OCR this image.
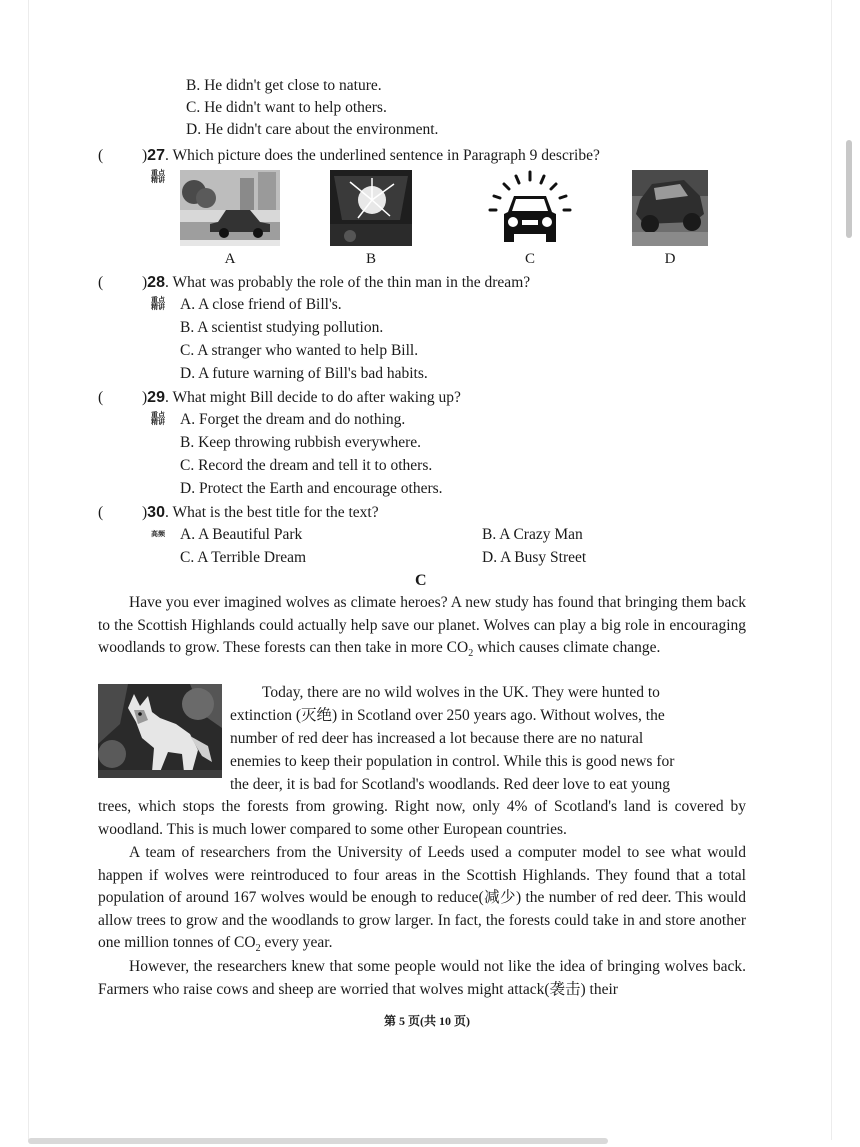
B. He didn't get close to nature.
C. He didn't want to help others.
D. He didn't care about the environment.
(	)27. Which picture does the underlined sentence in Paragraph 9 describe?
重点精讲
A	B	C	D
(	)28. What was probably the role of the thin man in the dream?
重点精讲 A. A close friend of Bill's.
B. A scientist studying pollution.
C. A stranger who wanted to help Bill.
D. A future warning of Bill's bad habits.
(	)29. What might Bill decide to do after waking up?
重点精讲 A. Forget the dream and do nothing.
B. Keep throwing rubbish everywhere.
C. Record the dream and tell it to others.
D. Protect the Earth and encourage others.
(	)30. What is the best title for the text?
高频 A. A Beautiful Park	B. A Crazy Man
C. A Terrible Dream	D. A Busy Street
C
Have you ever imagined wolves as climate heroes? A new study has found that bringing them back to the Scottish Highlands could actually help save our planet. Wolves can play a big role in encouraging woodlands to grow. These forests can then take in more $CO_2$ which causes climate change.
Today, there are no wild wolves in the UK. They were hunted to
extinction (灭绝) in Scotland over 250 years ago. Without wolves, the
number of red deer has increased a lot because there are no natural
enemies to keep their population in control. While this is good news for
the deer, it is bad for Scotland's woodlands. Red deer love to eat young
trees, which stops the forests from growing. Right now, only 4% of Scotland's land is covered by woodland. This is much lower compared to some other European countries.
A team of researchers from the University of Leeds used a computer model to see what would happen if wolves were reintroduced to four areas in the Scottish Highlands. They found that a total population of around 167 wolves would be enough to reduce(减少) the number of red deer. This would allow trees to grow and the woodlands to grow larger. In fact, the forests could take in and store another one million tonnes of $CO_2$ every year.
However, the researchers knew that some people would not like the idea of bringing wolves back. Farmers who raise cows and sheep are worried that wolves might attack(袭击) their
第 5 页(共 10 页)
